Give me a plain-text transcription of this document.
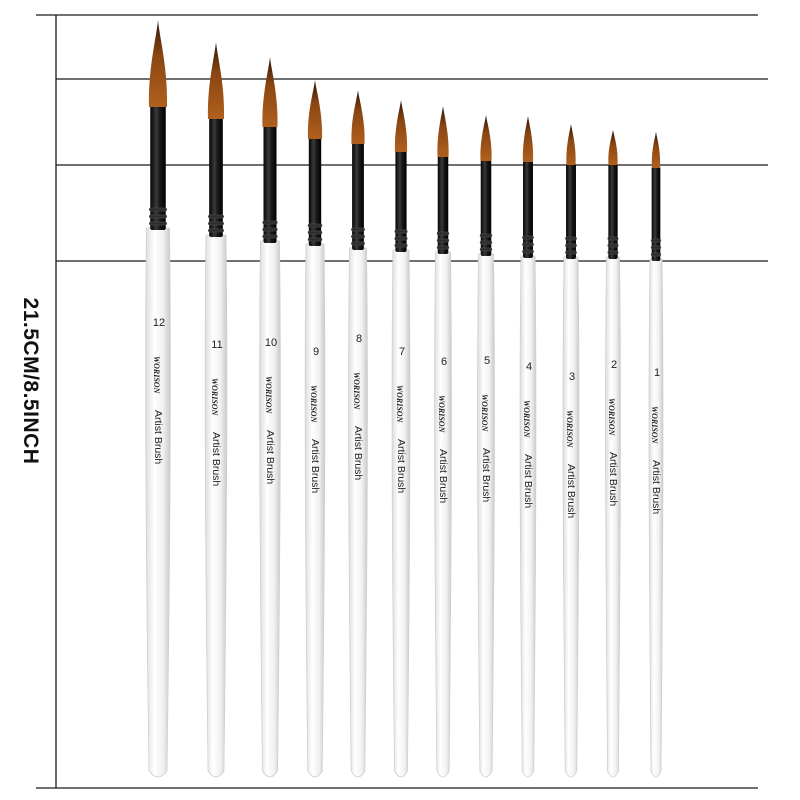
12
WORISON
Artist Brush
11
WORISON
Artist Brush
10
WORISON
Artist Brush
9
WORISON
Artist Brush
8
WORISON
Artist Brush
7
WORISON
Artist Brush
6
WORISON
Artist Brush
5
WORISON
Artist Brush
4
WORISON
Artist Brush
3
WORISON
Artist Brush
2
WORISON
Artist Brush
1
WORISON
Artist Brush
21.5CM/8.5INCH
